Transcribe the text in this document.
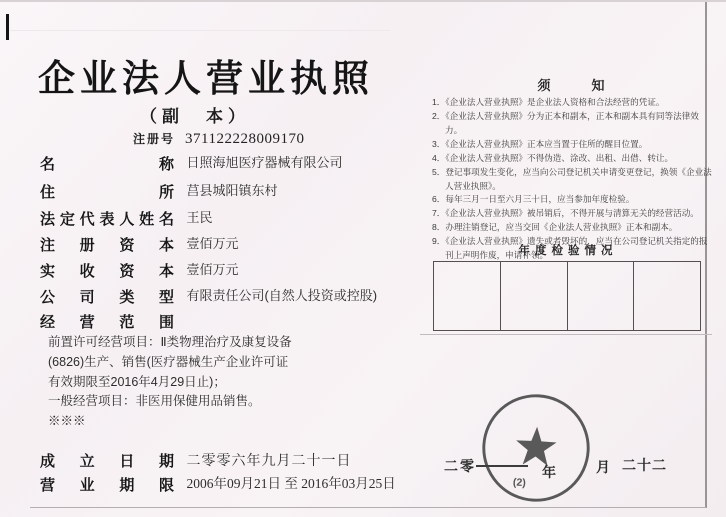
企业法人营业执照
（副　本）
注册号 371122228009170
名称 日照海旭医疗器械有限公司
住所 莒县城阳镇东村
法定代表人姓名 王民
注册资本 壹佰万元
实收资本 壹佰万元
公司类型 有限责任公司(自然人投资或控股)
经营范围 前置许可经营项目：Ⅱ类物理治疗及康复设备(6826)生产、销售(医疗器械生产企业许可证有效期限至2016年4月29日止)；
一般经营项目：非医用保健用品销售。※※※
成立日期 二零零六年九月二十一日
营业期限 2006年09月21日 至 2016年03月25日
须　知
1．《企业法人营业执照》是企业法人资格和合法经营的凭证。
2．《企业法人营业执照》分为正本和副本，正本和副本具有同等法律效力。
3．《企业法人营业执照》正本应当置于住所的醒目位置。
4．《企业法人营业执照》不得伪造、涂改、出租、出借、转让。
5．登记事项发生变化，应当向公司登记机关申请变更登记，换领《企业法人营业执照》。
6．每年三月一日至六月三十日，应当参加年度检验。
7．《企业法人营业执照》被吊销后，不得开展与清算无关的经营活动。
8．办理注销登记，应当交回《企业法人营业执照》正本和副本。
9．《企业法人营业执照》遗失或者毁坏的，应当在公司登记机关指定的报刊上声明作废，申请补领。
年度检验情况
二零	年	月 二十二
(2)
